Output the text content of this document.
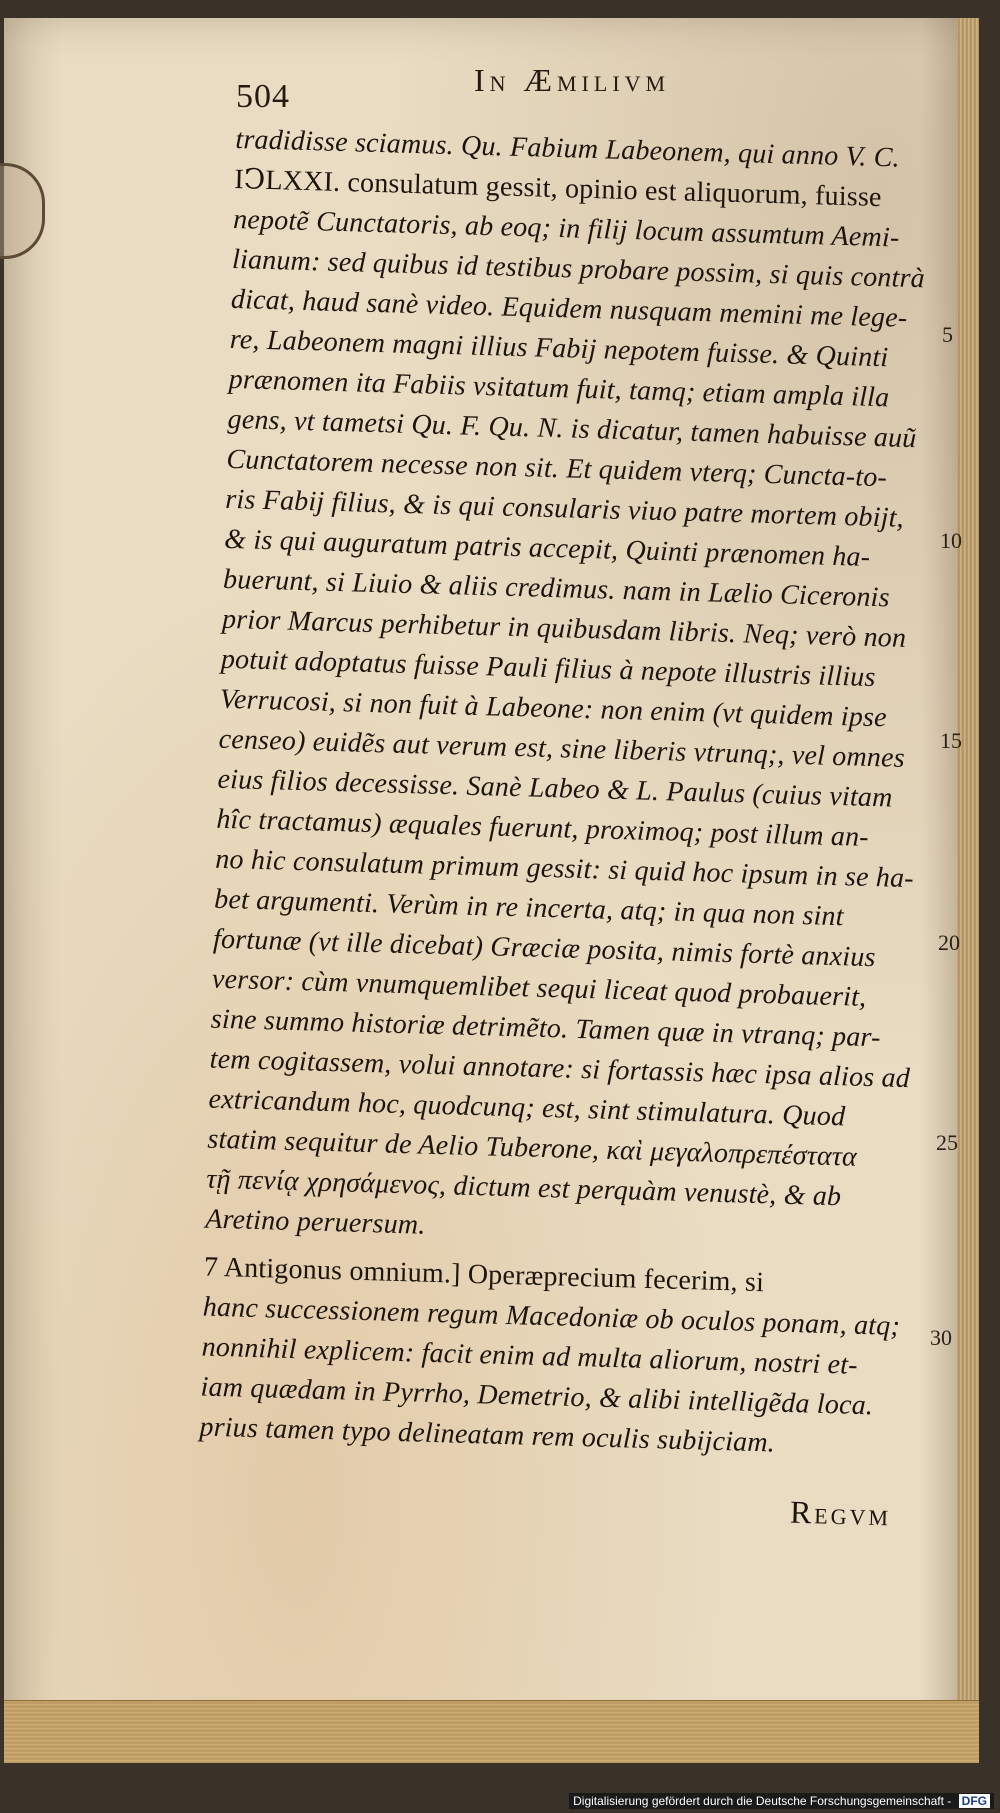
504	In Æmilivm
tradidisse sciamus. Qu. Fabium Labeonem, qui anno V. C.
IↃLXXI. consulatum gessit, opinio est aliquorum, fuisse
nepotẽ Cunctatoris, ab eoq; in filij locum assumtum Aemi-
lianum: sed quibus id testibus probare possim, si quis contrà
dicat, haud sanè video. Equidem nusquam memini me lege-
re, Labeonem magni illius Fabij nepotem fuisse. & Quinti
prænomen ita Fabiis vsitatum fuit, tamq; etiam ampla illa
gens, vt tametsi Qu. F. Qu. N. is dicatur, tamen habuisse auũ
Cunctatorem necesse non sit. Et quidem vterq; Cuncta-to-
ris Fabij filius, & is qui consularis viuo patre mortem obijt,
& is qui auguratum patris accepit, Quinti prænomen ha-
buerunt, si Liuio & aliis credimus. nam in Lælio Ciceronis
prior Marcus perhibetur in quibusdam libris. Neq; verò non
potuit adoptatus fuisse Pauli filius à nepote illustris illius
Verrucosi, si non fuit à Labeone: non enim (vt quidem ipse
censeo) euidẽs aut verum est, sine liberis vtrunq;, vel omnes
eius filios decessisse. Sanè Labeo & L. Paulus (cuius vitam
hîc tractamus) æquales fuerunt, proximoq; post illum an-
no hic consulatum primum gessit: si quid hoc ipsum in se ha-
bet argumenti. Verùm in re incerta, atq; in qua non sint
fortunæ (vt ille dicebat) Græciæ posita, nimis fortè anxius
versor: cùm vnumquemlibet sequi liceat quod probauerit,
sine summo historiæ detrimẽto. Tamen quæ in vtranq; par-
tem cogitassem, volui annotare: si fortassis hæc ipsa alios ad
extricandum hoc, quodcunq; est, sint stimulatura. Quod
statim sequitur de Aelio Tuberone, καὶ μεγαλοπρεπέστατα
τῇ πενίᾳ χρησάμενος, dictum est perquàm venustè, & ab
Aretino peruersum.
7 Antigonus omnium.] Operæprecium fecerim, si
hanc successionem regum Macedoniæ ob oculos ponam, atq;
nonnihil explicem: facit enim ad multa aliorum, nostri et-
iam quædam in Pyrrho, Demetrio, & alibi intelligẽda loca.
prius tamen typo delineatam rem oculis subijciam.
5
10
15
20
25
30
Regvm
Digitalisierung gefördert durch die Deutsche Forschungsgemeinschaft - DFG
